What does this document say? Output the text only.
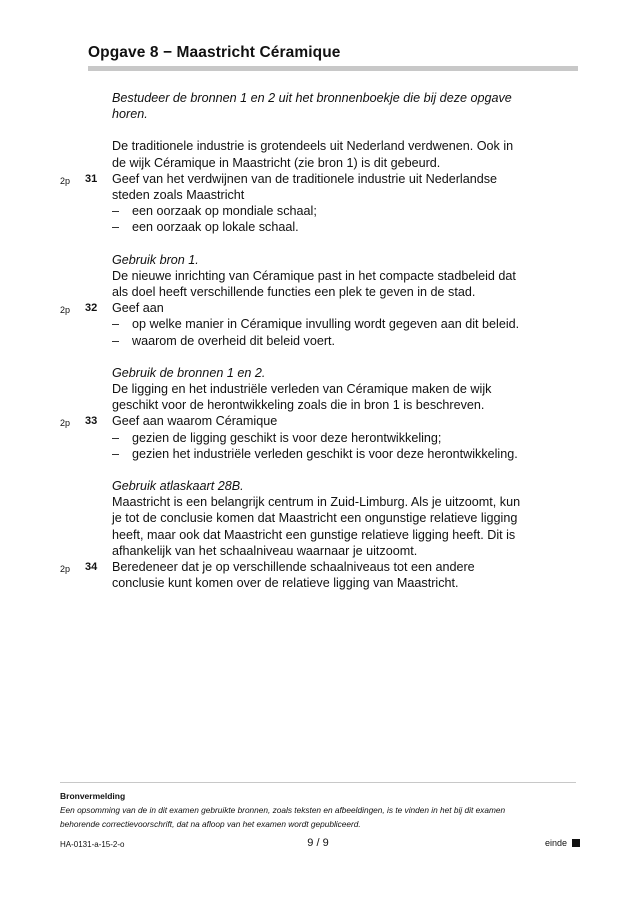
Opgave 8 − Maastricht Céramique

Bestudeer de bronnen 1 en 2 uit het bronnenboekje die bij deze opgave

horen.

De traditionele industrie is grotendeels uit Nederland verdwenen. Ook in

de wijk Céramique in Maastricht (zie bron 1) is dit gebeurd.

2p 31 Geef van het verdwijnen van de traditionele industrie uit Nederlandse

steden zoals Maastricht

– een oorzaak op mondiale schaal;
– een oorzaak op lokale schaal.

Gebruik bron 1.

De nieuwe inrichting van Céramique past in het compacte stadbeleid dat

als doel heeft verschillende functies een plek te geven in de stad.

2p 32 Geef aan

– op welke manier in Céramique invulling wordt gegeven aan dit beleid.
– waarom de overheid dit beleid voert.

Gebruik de bronnen 1 en 2.

De ligging en het industriële verleden van Céramique maken de wijk

geschikt voor de herontwikkeling zoals die in bron 1 is beschreven.

2p 33 Geef aan waarom Céramique

– gezien de ligging geschikt is voor deze herontwikkeling;
– gezien het industriële verleden geschikt is voor deze herontwikkeling.

Gebruik atlaskaart 28B.

Maastricht is een belangrijk centrum in Zuid-Limburg. Als je uitzoomt, kun

je tot de conclusie komen dat Maastricht een ongunstige relatieve ligging

heeft, maar ook dat Maastricht een gunstige relatieve ligging heeft. Dit is

afhankelijk van het schaalniveau waarnaar je uitzoomt.

2p 34 Beredeneer dat je op verschillende schaalniveaus tot een andere

conclusie kunt komen over de relatieve ligging van Maastricht.

Bronvermelding
Een opsomming van de in dit examen gebruikte bronnen, zoals teksten en afbeeldingen, is te vinden in het bij dit examen
behorende correctievoorschrift, dat na afloop van het examen wordt gepubliceerd.
HA-0131-a-15-2-o	9 / 9	einde
